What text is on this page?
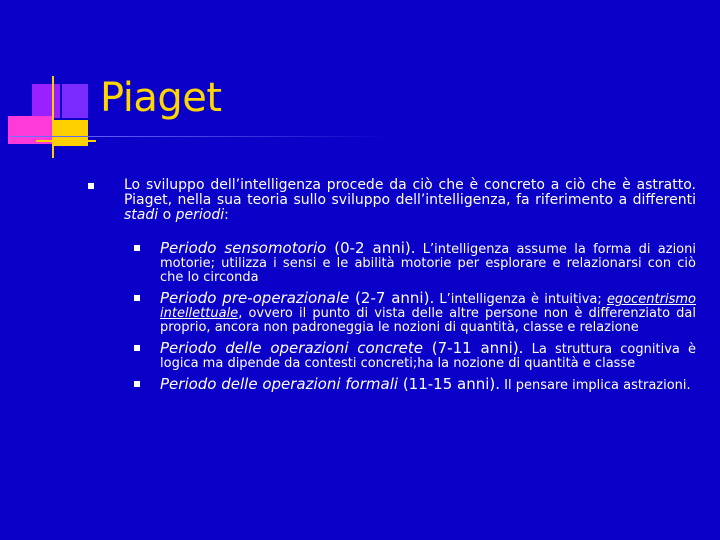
Piaget
Lo sviluppo dell’intelligenza procede da ciò che è concreto a ciò che è astratto. Piaget, nella sua teoria sullo sviluppo dell’intelligenza, fa riferimento a differenti stadi o periodi:
Periodo sensomotorio (0-2 anni). L’intelligenza assume la forma di azioni motorie; utilizza i sensi e le abilità motorie per esplorare e relazionarsi con ciò che lo circonda
Periodo pre-operazionale (2-7 anni). L’intelligenza è intuitiva; egocentrismo intellettuale, ovvero il punto di vista delle altre persone non è differenziato dal proprio, ancora non padroneggia le nozioni di quantità, classe e relazione
Periodo delle operazioni concrete (7-11 anni). La struttura cognitiva è logica ma dipende da contesti concreti;ha la nozione di quantità e classe
Periodo delle operazioni formali (11-15 anni). Il pensare implica astrazioni.
